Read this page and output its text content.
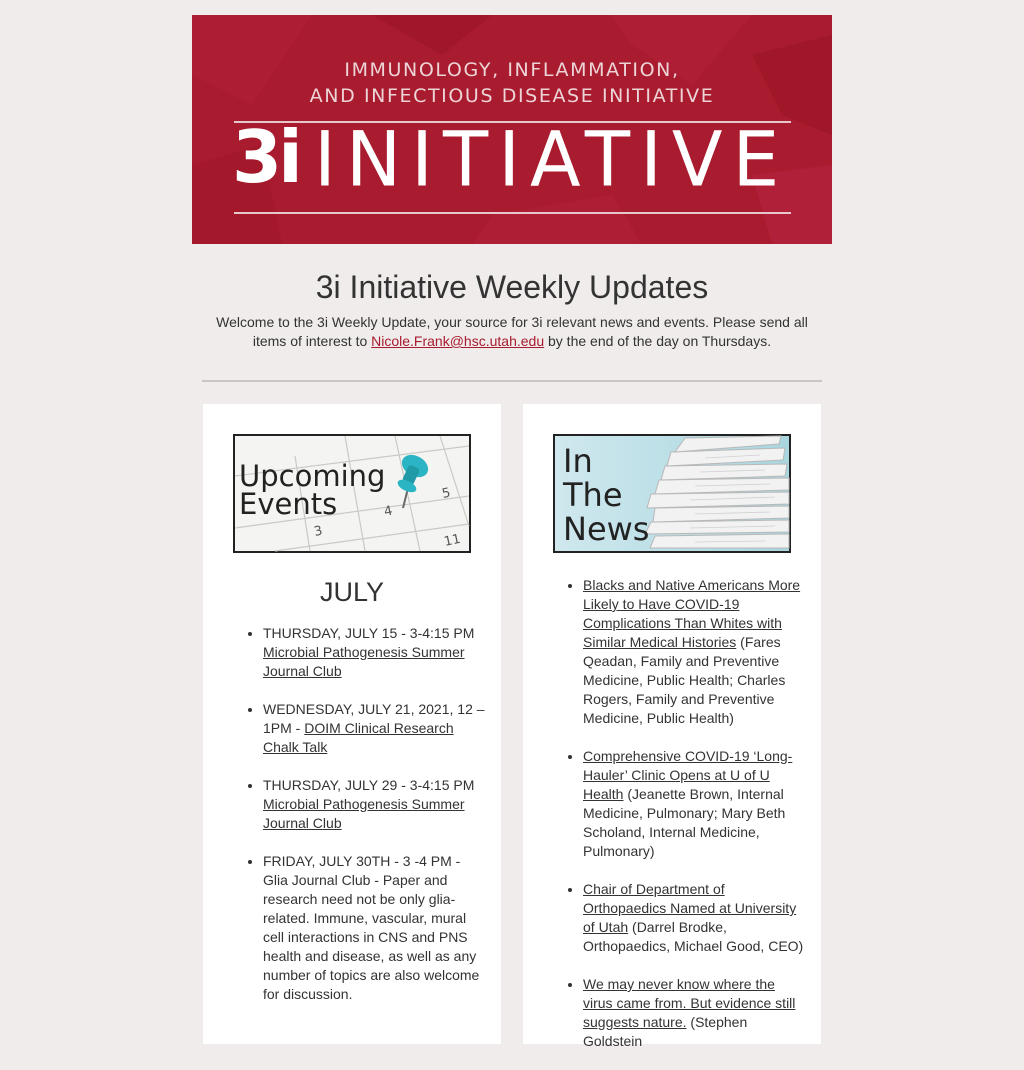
IMMUNOLOGY, INFLAMMATION,
AND INFECTIOUS DISEASE INITIATIVE
3i INITIATIVE
3i Initiative Weekly Updates
Welcome to the 3i Weekly Update, your source for 3i relevant news and events. Please send all items of interest to Nicole.Frank@hsc.utah.edu by the end of the day on Thursdays.
5
4
3
11
Upcoming
Events
JULY
• THURSDAY, JULY 15 - 3-4:15 PM Microbial Pathogenesis Summer Journal Club
• WEDNESDAY, JULY 21, 2021, 12 – 1PM - DOIM Clinical Research Chalk Talk
• THURSDAY, JULY 29 - 3-4:15 PM Microbial Pathogenesis Summer Journal Club
• FRIDAY, JULY 30TH - 3 -4 PM - Glia Journal Club - Paper and research need not be only glia-related. Immune, vascular, mural cell interactions in CNS and PNS health and disease, as well as any number of topics are also welcome for discussion.
In
The
News
• Blacks and Native Americans More Likely to Have COVID-19 Complications Than Whites with Similar Medical Histories (Fares Qeadan, Family and Preventive Medicine, Public Health; Charles Rogers, Family and Preventive Medicine, Public Health)
• Comprehensive COVID-19 ‘Long-Hauler’ Clinic Opens at U of U Health (Jeanette Brown, Internal Medicine, Pulmonary; Mary Beth Scholand, Internal Medicine, Pulmonary)
• Chair of Department of Orthopaedics Named at University of Utah (Darrel Brodke, Orthopaedics, Michael Good, CEO)
• We may never know where the virus came from. But evidence still suggests nature. (Stephen Goldstein
